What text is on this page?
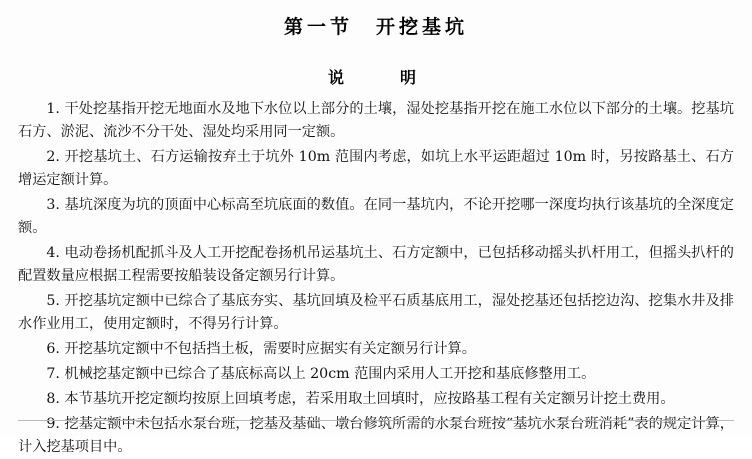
第一节　开挖基坑
说　　明

1. 干处挖基指开挖无地面水及地下水位以上部分的土壤，湿处挖基指开挖在施工水位以下部分的土壤。挖基坑石方、淤泥、流沙不分干处、湿处均采用同一定额。

2. 开挖基坑土、石方运输按弃土于坑外 10m 范围内考虑，如坑上水平运距超过 10m 时，另按路基土、石方增运定额计算。

3. 基坑深度为坑的顶面中心标高至坑底面的数值。在同一基坑内，不论开挖哪一深度均执行该基坑的全深度定额。

4. 电动卷扬机配抓斗及人工开挖配卷扬机吊运基坑土、石方定额中，已包括移动摇头扒杆用工，但摇头扒杆的配置数量应根据工程需要按船装设备定额另行计算。

5. 开挖基坑定额中已综合了基底夯实、基坑回填及检平石质基底用工，湿处挖基还包括挖边沟、挖集水井及排水作业用工，使用定额时，不得另行计算。

6. 开挖基坑定额中不包括挡土板，需要时应据实有关定额另行计算。

7. 机械挖基定额中已综合了基底标高以上 20cm 范围内采用人工开挖和基底修整用工。

8. 本节基坑开挖定额均按原上回填考虑，若采用取土回填时，应按路基工程有关定额另计挖土费用。

9. 挖基定额中未包括水泵台班，挖基及基础、墩台修筑所需的水泵台班按“基坑水泵台班消耗”表的规定计算，计入挖基项目中。
